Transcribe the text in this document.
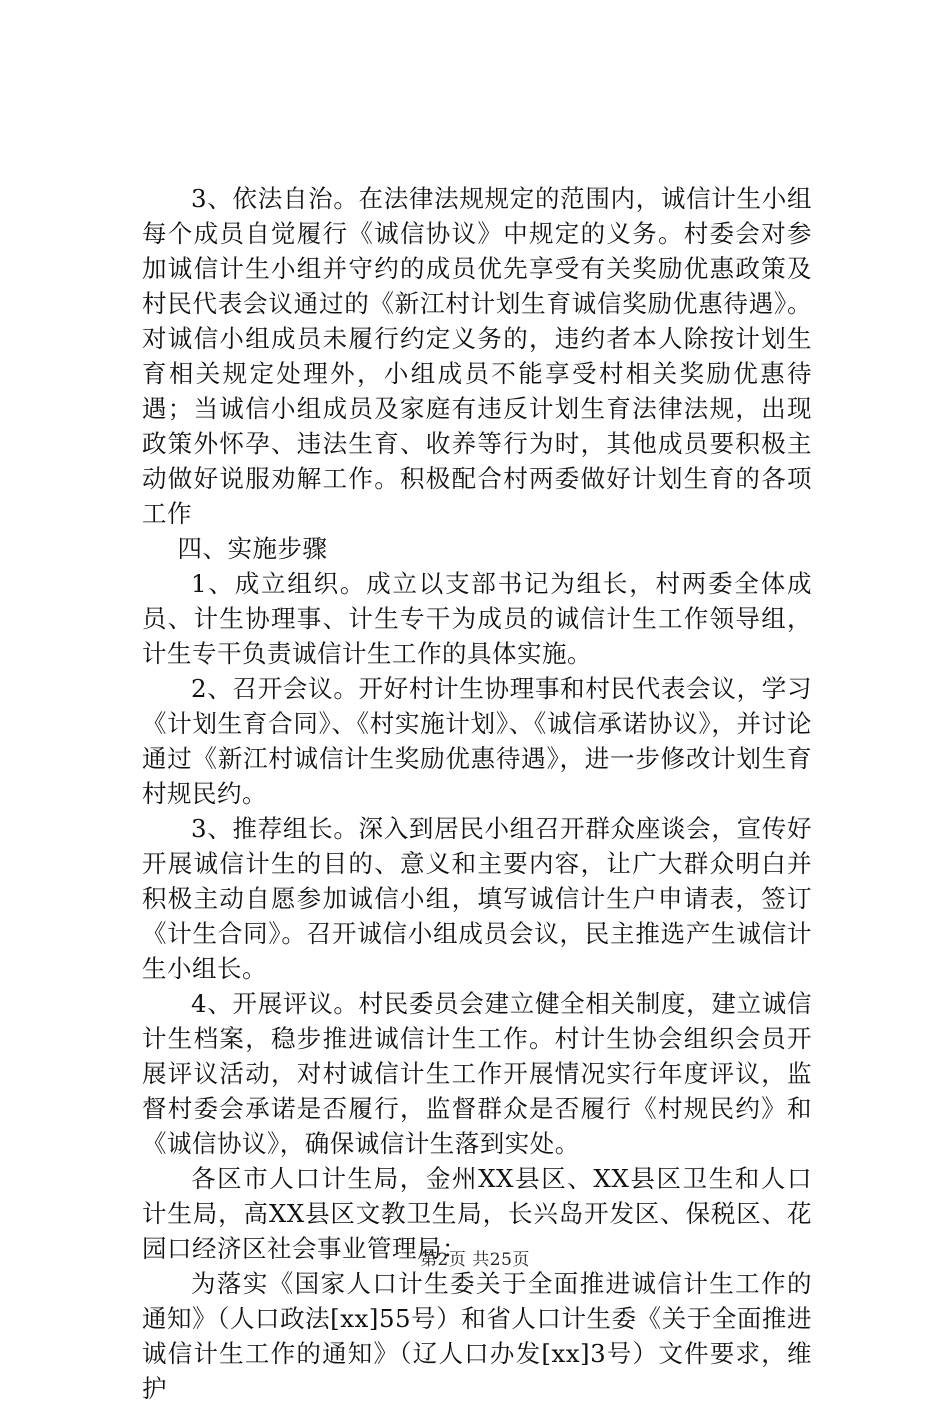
3、依法自治。在法律法规规定的范围内，诚信计生小组每个成员自觉履行《诚信协议》中规定的义务。村委会对参加诚信计生小组并守约的成员优先享受有关奖励优惠政策及村民代表会议通过的《新江村计划生育诚信奖励优惠待遇》。对诚信小组成员未履行约定义务的，违约者本人除按计划生育相关规定处理外，小组成员不能享受村相关奖励优惠待遇；当诚信小组成员及家庭有违反计划生育法律法规，出现政策外怀孕、违法生育、收养等行为时，其他成员要积极主动做好说服劝解工作。积极配合村两委做好计划生育的各项工作

四、实施步骤

1、成立组织。成立以支部书记为组长，村两委全体成员、计生协理事、计生专干为成员的诚信计生工作领导组，计生专干负责诚信计生工作的具体实施。

2、召开会议。开好村计生协理事和村民代表会议，学习《计划生育合同》、《村实施计划》、《诚信承诺协议》，并讨论通过《新江村诚信计生奖励优惠待遇》，进一步修改计划生育村规民约。

3、推荐组长。深入到居民小组召开群众座谈会，宣传好开展诚信计生的目的、意义和主要内容，让广大群众明白并积极主动自愿参加诚信小组，填写诚信计生户申请表，签订《计生合同》。召开诚信小组成员会议，民主推选产生诚信计生小组长。

4、开展评议。村民委员会建立健全相关制度，建立诚信计生档案，稳步推进诚信计生工作。村计生协会组织会员开展评议活动，对村诚信计生工作开展情况实行年度评议，监督村委会承诺是否履行，监督群众是否履行《村规民约》和《诚信协议》，确保诚信计生落到实处。

各区市人口计生局，金州XX县区、XX县区卫生和人口计生局，高XX县区文教卫生局，长兴岛开发区、保税区、花园口经济区社会事业管理局：

为落实《国家人口计生委关于全面推进诚信计生工作的通知》（人口政法[xx]55号）和省人口计生委《关于全面推进诚信计生工作的通知》（辽人口办发[xx]3号）文件要求，维护

第2页 共25页
